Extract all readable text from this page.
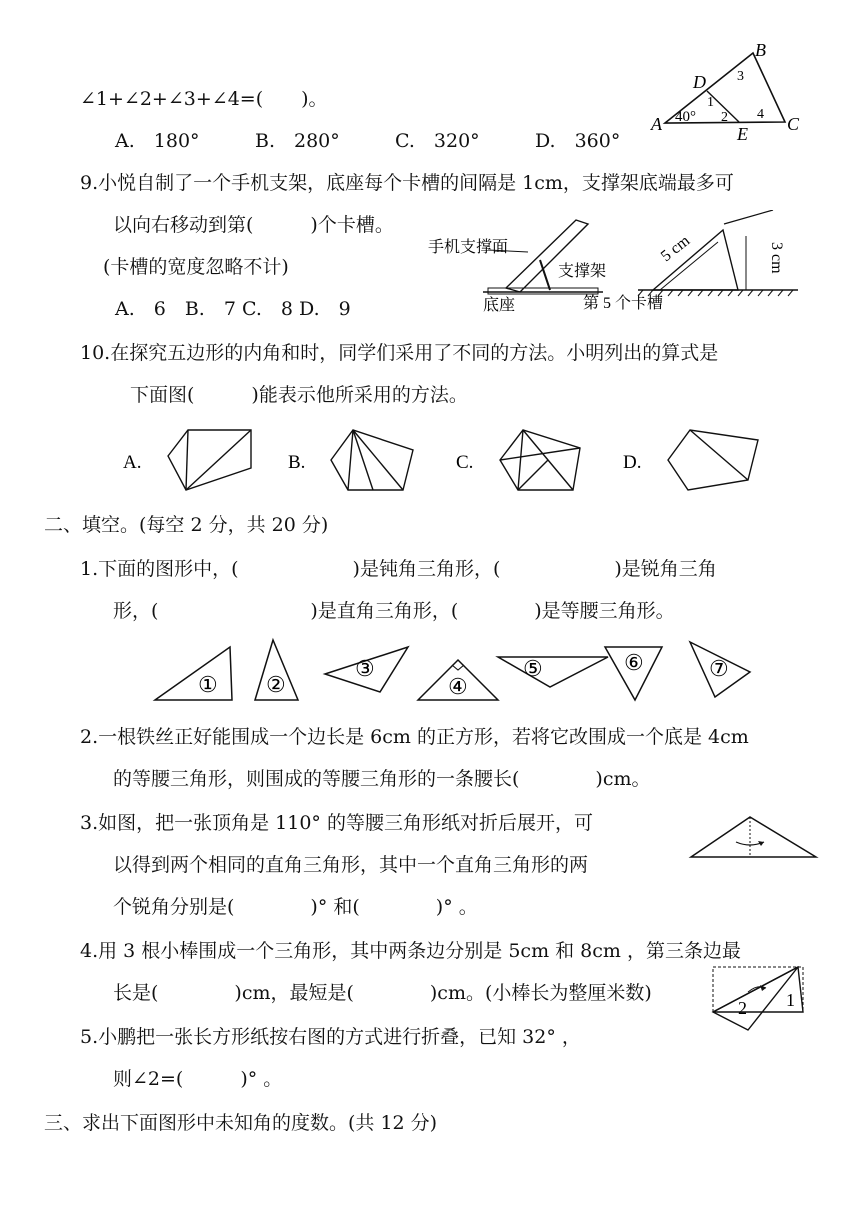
∠1+∠2+∠3+∠4=(　　)。
A.　180°	B.　280°	C.　320°	D.　360°
A
B
C
D
E
40°
1
2
3
4
9.小悦自制了一个手机支架，底座每个卡槽的间隔是 1cm，支撑架底端最多可
以向右移动到第(　　　)个卡槽。
(卡槽的宽度忽略不计)
A.　6　B.　7 C.　8 D.　9
手机支撑面
支撑架
底座	第 5 个卡槽
5 cm	3 cm
10.在探究五边形的内角和时，同学们采用了不同的方法。小明列出的算式是
下面图(　　　)能表示他所采用的方法。
A.	B.	C.	D.
二、填空。(每空 2 分，共 20 分)
1.下面的图形中，(　　　　　　)是钝角三角形，(　　　　　　)是锐角三角
形，(　　　　　　　　)是直角三角形，(　　　　)是等腰三角形。
① ②
③
④
⑤	⑥	⑦
2.一根铁丝正好能围成一个边长是 6cm 的正方形，若将它改围成一个底是 4cm
的等腰三角形，则围成的等腰三角形的一条腰长(　　　　)cm。
3.如图，把一张顶角是 110° 的等腰三角形纸对折后展开，可
以得到两个相同的直角三角形，其中一个直角三角形的两
个锐角分别是(　　　　)° 和(　　　　)° 。
4.用 3 根小棒围成一个三角形，其中两条边分别是 5cm 和 8cm ，第三条边最
长是(　　　　)cm，最短是(　　　　)cm。(小棒长为整厘米数)	1
2
5.小鹏把一张长方形纸按右图的方式进行折叠，已知 32° ，
则∠2=(　　　)° 。
三、求出下面图形中未知角的度数。(共 12 分)
